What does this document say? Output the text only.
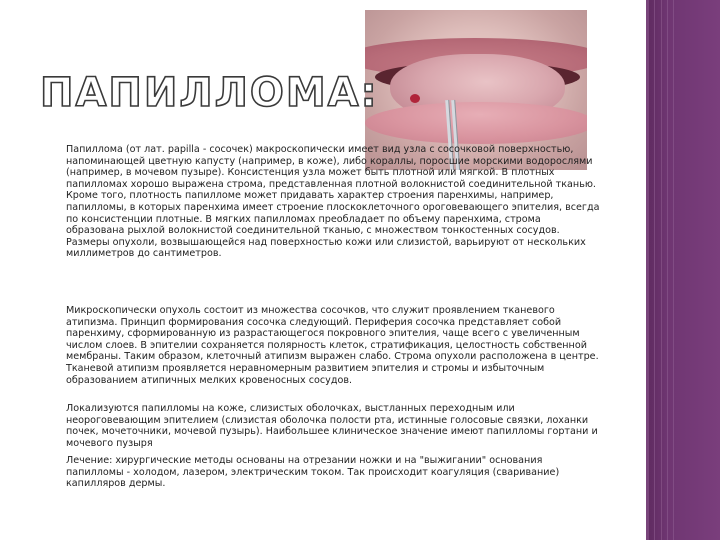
ПАПИЛЛОМА:

Папиллома (от лат. papilla - сосочек) макроскопически имеет вид узла с сосочковой поверхностью, напоминающей цветную капусту (например, в коже), либо кораллы, поросшие морскими водорослями (например, в мочевом пузыре). Консистенция узла может быть плотной или мягкой. В плотных папилломах хорошо выражена строма, представленная плотной волокнистой соединительной тканью. Кроме того, плотность папилломе может придавать характер строения паренхимы, например, папилломы, в которых паренхима имеет строение плоскоклеточного ороговевающего эпителия, всегда по консистенции плотные. В мягких папилломах преобладает по объему паренхима, строма образована рыхлой волокнистой соединительной тканью, с множеством тонкостенных сосудов. Размеры опухоли, возвышающейся над поверхностью кожи или слизистой, варьируют от нескольких миллиметров до сантиметров.

Микроскопически опухоль состоит из множества сосочков, что служит проявлением тканевого атипизма. Принцип формирования сосочка следующий. Периферия сосочка представляет собой паренхиму, сформированную из разрастающегося покровного эпителия, чаще всего с увеличенным числом слоев. В эпителии сохраняется полярность клеток, стратификация, целостность собственной мембраны. Таким образом, клеточный атипизм выражен слабо. Строма опухоли расположена в центре. Тканевой атипизм проявляется неравномерным развитием эпителия и стромы и избыточным образованием атипичных мелких кровеносных сосудов.

Локализуются папилломы на коже, слизистых оболочках, выстланных переходным или неороговевающим эпителием (слизистая оболочка полости рта, истинные голосовые связки, лоханки почек, мочеточники, мочевой пузырь). Наибольшее клиническое значение имеют папилломы гортани и мочевого пузыря

Лечение: хирургические методы основаны на отрезании ножки и на "выжигании" основания папилломы - холодом, лазером, электрическим током. Так происходит коагуляция (сваривание) капилляров дермы.
